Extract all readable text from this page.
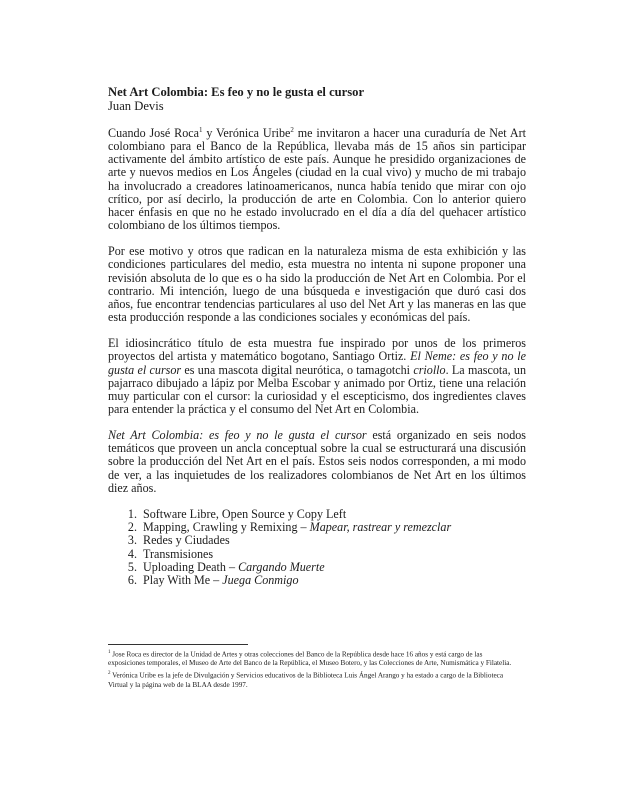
Net Art Colombia: Es feo y no le gusta el cursor
Juan Devis

Cuando José Roca$^1$ y Verónica Uribe$^2$ me invitaron a hacer una curaduría de Net Art colombiano para el Banco de la República, llevaba más de 15 años sin participar activamente del ámbito artístico de este país. Aunque he presidido organizaciones de arte y nuevos medios en Los Ángeles (ciudad en la cual vivo) y mucho de mi trabajo ha involucrado a creadores latinoamericanos, nunca había tenido que mirar con ojo crítico, por así decirlo, la producción de arte en Colombia. Con lo anterior quiero hacer énfasis en que no he estado involucrado en el día a día del quehacer artístico colombiano de los últimos tiempos.

Por ese motivo y otros que radican en la naturaleza misma de esta exhibición y las condiciones particulares del medio, esta muestra no intenta ni supone proponer una revisión absoluta de lo que es o ha sido la producción de Net Art en Colombia. Por el contrario. Mi intención, luego de una búsqueda e investigación que duró casi dos años, fue encontrar tendencias particulares al uso del Net Art y las maneras en las que esta producción responde a las condiciones sociales y económicas del país.

El idiosincrático título de esta muestra fue inspirado por unos de los primeros proyectos del artista y matemático bogotano, Santiago Ortiz. El Neme: es feo y no le gusta el cursor es una mascota digital neurótica, o tamagotchi criollo. La mascota, un pajarraco dibujado a lápiz por Melba Escobar y animado por Ortiz, tiene una relación muy particular con el cursor: la curiosidad y el escepticismo, dos ingredientes claves para entender la práctica y el consumo del Net Art en Colombia.

Net Art Colombia: es feo y no le gusta el cursor está organizado en seis nodos temáticos que proveen un ancla conceptual sobre la cual se estructurará una discusión sobre la producción del Net Art en el país. Estos seis nodos corresponden, a mi modo de ver, a las inquietudes de los realizadores colombianos de Net Art en los últimos diez años.

1. Software Libre, Open Source y Copy Left
2. Mapping, Crawling y Remixing – Mapear, rastrear y remezclar
3. Redes y Ciudades
4. Transmisiones
5. Uploading Death – Cargando Muerte
6. Play With Me – Juega Conmigo

$^1$ Jose Roca es director de la Unidad de Artes y otras colecciones del Banco de la República desde hace 16 años y está cargo de las exposiciones temporales, el Museo de Arte del Banco de la República, el Museo Botero, y las Colecciones de Arte, Numismática y Filatelia.

$^2$ Verónica Uribe es la jefe de Divulgación y Servicios educativos de la Biblioteca Luis Ángel Arango y ha estado a cargo de la Biblioteca Virtual y la página web de la BLAA desde 1997.
